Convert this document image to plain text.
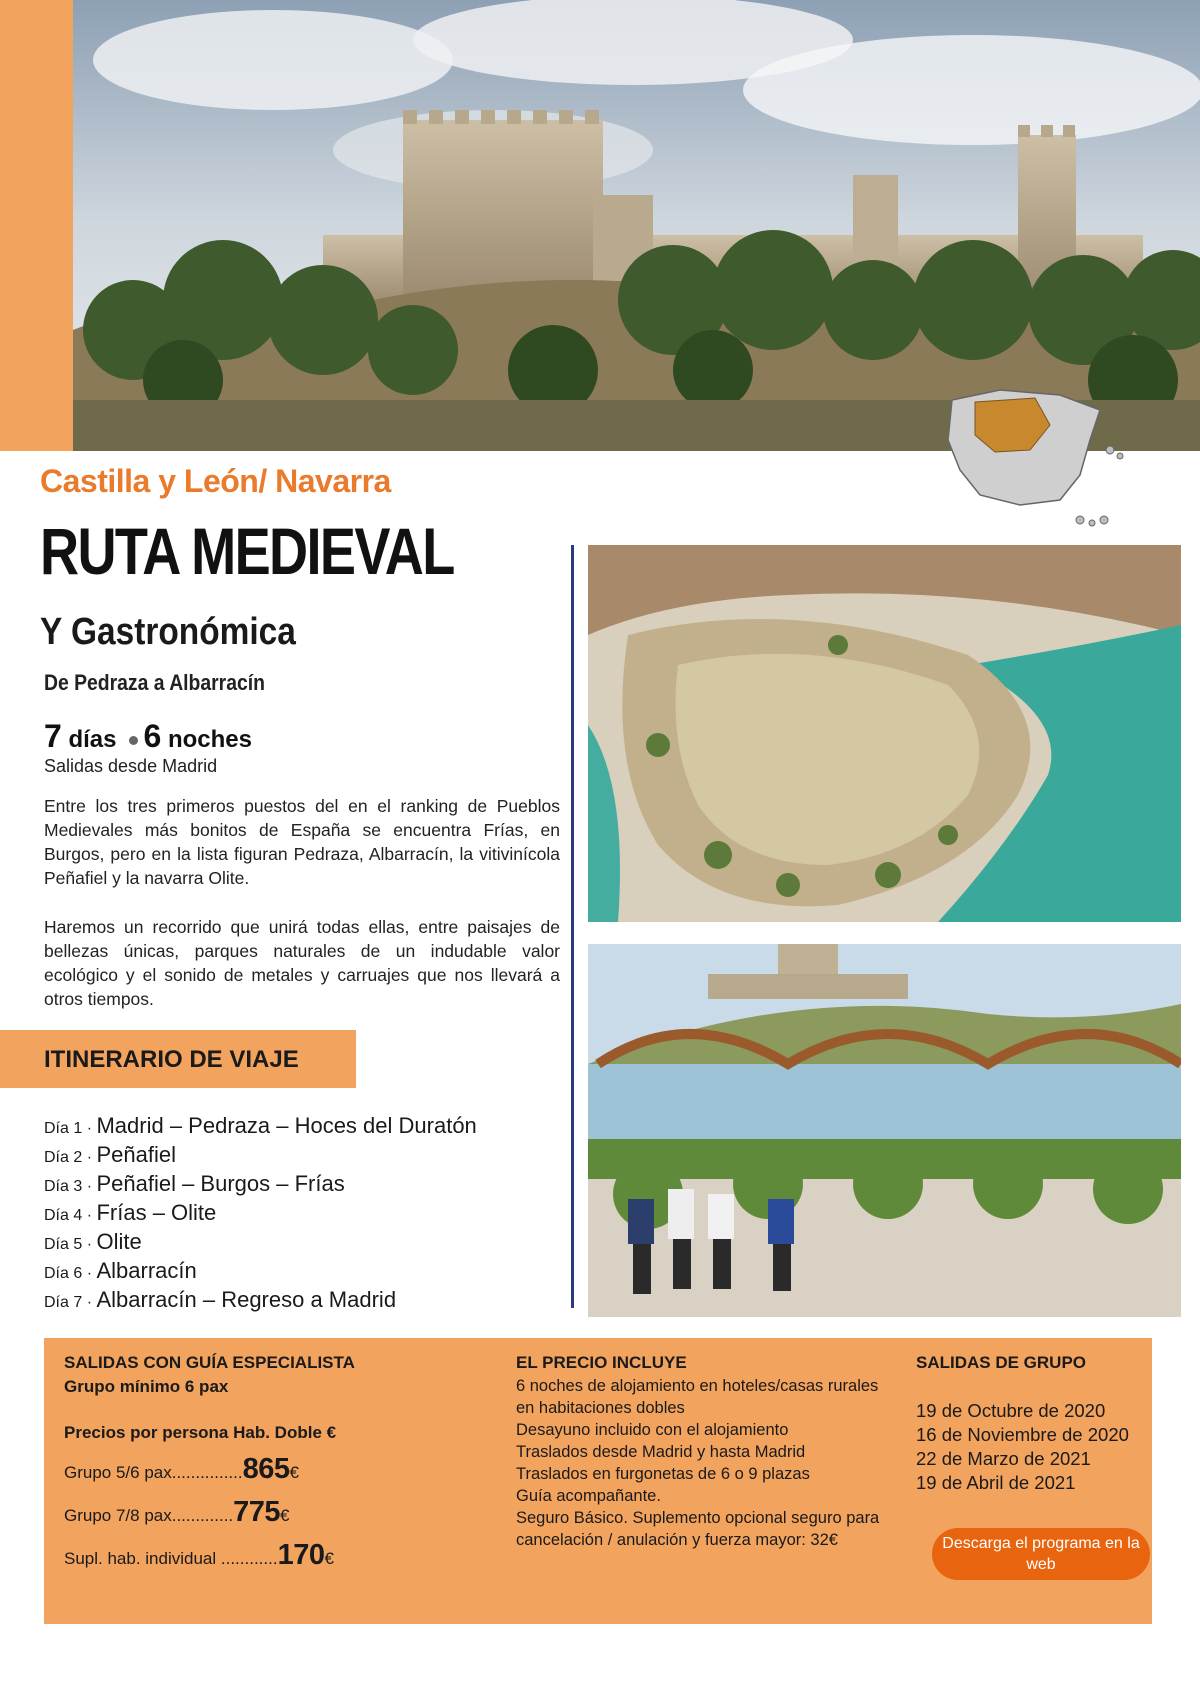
Castilla y León/ Navarra
RUTA MEDIEVAL
Y Gastronómica
De Pedraza a Albarracín
7 días 6 noches
Salidas desde Madrid
Entre los tres primeros puestos del en el ranking de Pueblos Medievales más bonitos de España se encuentra Frías, en Burgos, pero en la lista figuran Pedraza, Albarracín, la vitivinícola Peñafiel y la navarra Olite.
Haremos un recorrido que unirá todas ellas, entre paisajes de bellezas únicas, parques naturales de un indudable valor ecológico y el sonido de metales y carruajes que nos llevará a otros tiempos.
ITINERARIO DE VIAJE
Día 1 · Madrid – Pedraza – Hoces del Duratón
Día 2 · Peñafiel
Día 3 · Peñafiel – Burgos – Frías
Día 4 · Frías – Olite
Día 5 · Olite
Día 6 · Albarracín
Día 7 · Albarracín – Regreso a Madrid
SALIDAS CON GUÍA ESPECIALISTA
Grupo mínimo 6 pax
Precios por persona Hab. Doble €
Grupo 5/6 pax...............865€
Grupo 7/8 pax.............775€
Supl. hab. individual ............170€
EL PRECIO INCLUYE
6 noches de alojamiento en hoteles/casas rurales en habitaciones dobles
Desayuno incluido con el alojamiento
Traslados desde Madrid y hasta Madrid
Traslados en furgonetas de 6 o 9 plazas
Guía acompañante.
Seguro Básico. Suplemento opcional seguro para cancelación / anulación y fuerza mayor: 32€
SALIDAS DE GRUPO
19 de Octubre de 2020
16 de Noviembre de 2020
22 de Marzo de 2021
19 de Abril de 2021
Descarga el programa en la web
